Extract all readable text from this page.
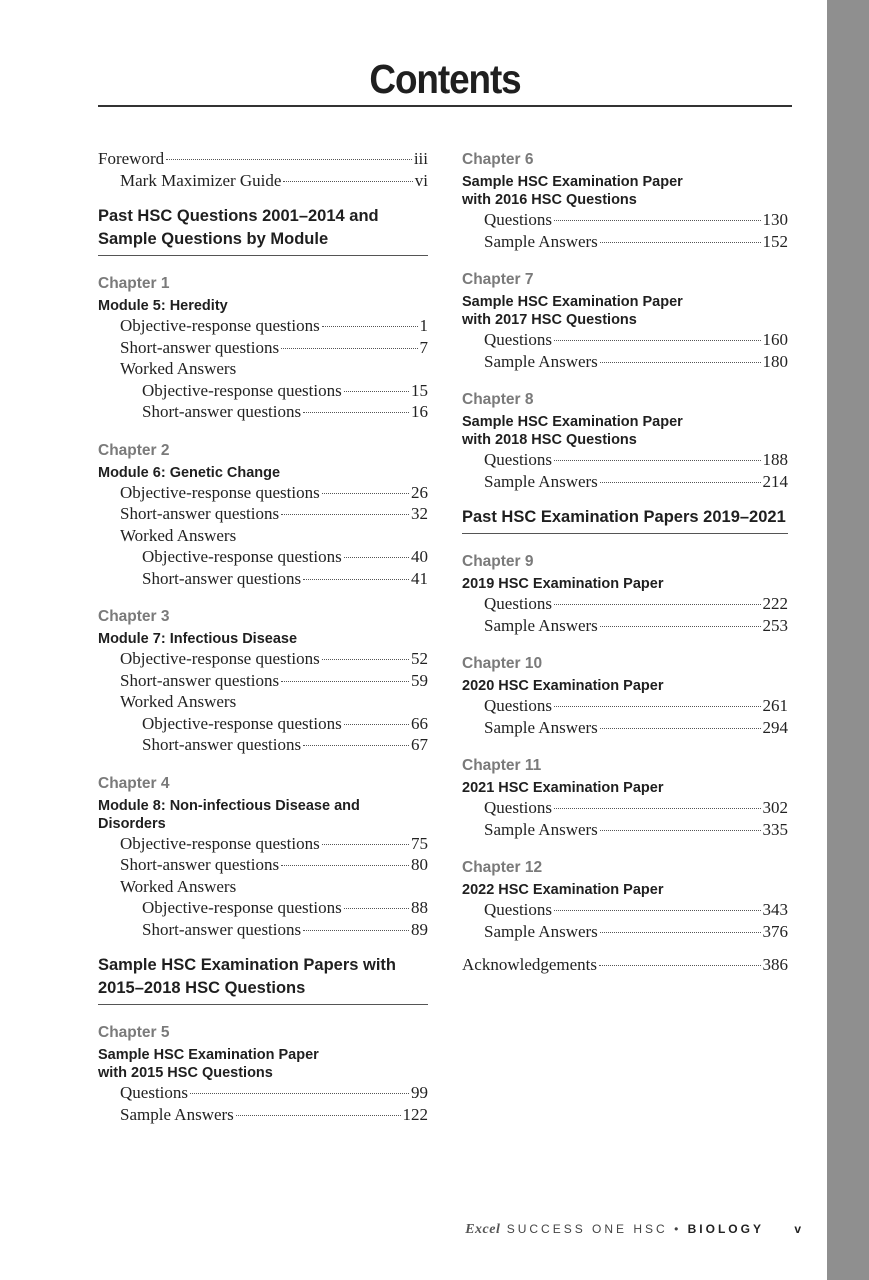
Contents
Foreword	iii
Mark Maximizer Guide	vi
Past HSC Questions 2001–2014 and Sample Questions by Module
Chapter 1
Module 5: Heredity
Objective-response questions	1
Short-answer questions	7
Worked Answers
Objective-response questions	15
Short-answer questions	16
Chapter 2
Module 6: Genetic Change
Objective-response questions	26
Short-answer questions	32
Worked Answers
Objective-response questions	40
Short-answer questions	41
Chapter 3
Module 7: Infectious Disease
Objective-response questions	52
Short-answer questions	59
Worked Answers
Objective-response questions	66
Short-answer questions	67
Chapter 4
Module 8: Non-infectious Disease and Disorders
Objective-response questions	75
Short-answer questions	80
Worked Answers
Objective-response questions	88
Short-answer questions	89
Sample HSC Examination Papers with 2015–2018 HSC Questions
Chapter 5
Sample HSC Examination Paper
with 2015 HSC Questions
Questions	99
Sample Answers	122
Chapter 6
Sample HSC Examination Paper
with 2016 HSC Questions
Questions	130
Sample Answers	152
Chapter 7
Sample HSC Examination Paper
with 2017 HSC Questions
Questions	160
Sample Answers	180
Chapter 8
Sample HSC Examination Paper
with 2018 HSC Questions
Questions	188
Sample Answers	214
Past HSC Examination Papers 2019–2021
Chapter 9
2019 HSC Examination Paper
Questions	222
Sample Answers	253
Chapter 10
2020 HSC Examination Paper
Questions	261
Sample Answers	294
Chapter 11
2021 HSC Examination Paper
Questions	302
Sample Answers	335
Chapter 12
2022 HSC Examination Paper
Questions	343
Sample Answers	376
Acknowledgements	386
Excel SUCCESS ONE HSC • BIOLOGY	v
